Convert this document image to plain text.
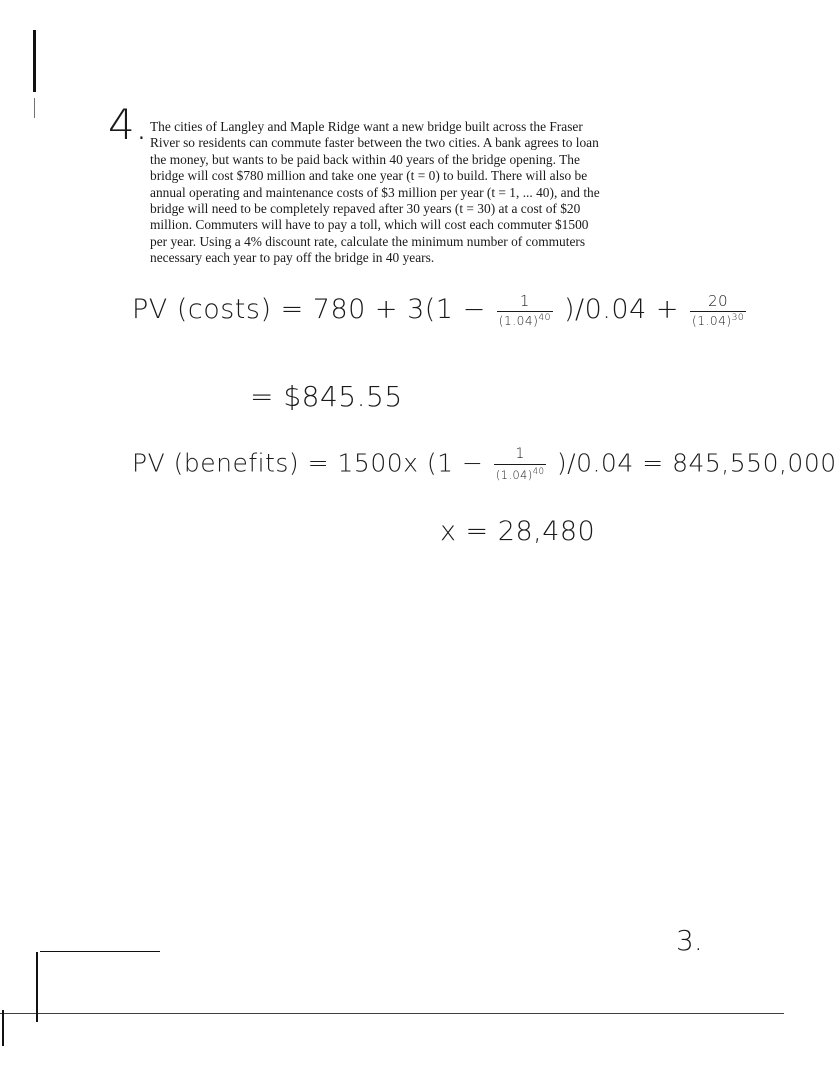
4. The cities of Langley and Maple Ridge want a new bridge built across the Fraser
River so residents can commute faster between the two cities. A bank agrees to loan
the money, but wants to be paid back within 40 years of the bridge opening. The
bridge will cost $780 million and take one year (t = 0) to build. There will also be
annual operating and maintenance costs of $3 million per year (t = 1, ... 40), and the
bridge will need to be completely repaved after 30 years (t = 30) at a cost of $20
million. Commuters will have to pay a toll, which will cost each commuter $1500
per year. Using a 4% discount rate, calculate the minimum number of commuters
necessary each year to pay off the bridge in 40 years.
PV (costs) = $780 + 3(1 - \frac{1}{(1.04)^{40}} )/0.04 + \frac{20}{(1.04)^{30}}$
= $845.55
PV (benefits) = 1500x $(1 - \frac{1}{(1.04)^{40}} )/0.04 = 845,550,000$
x = 28,480
3.
